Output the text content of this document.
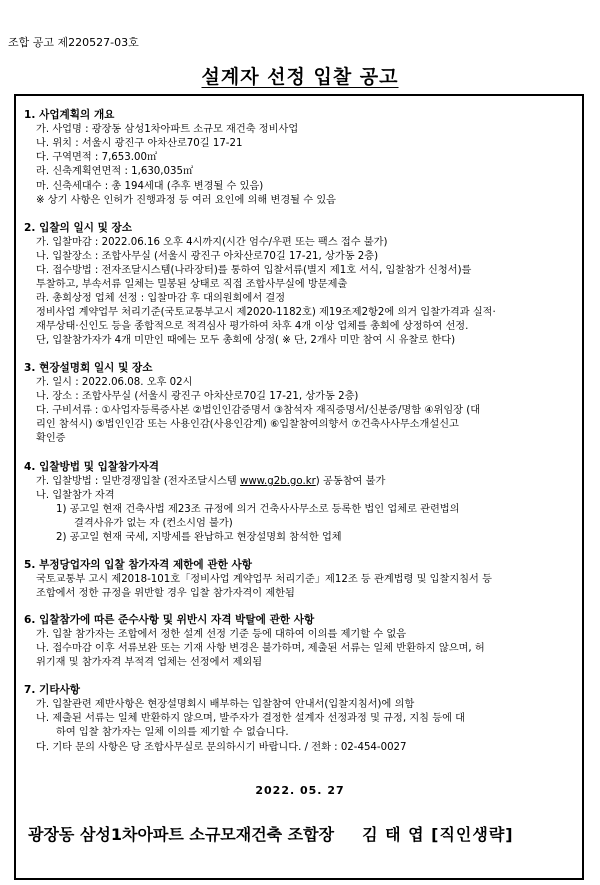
조합 공고 제220527-03호
설계자 선정 입찰 공고
1. 사업계획의 개요
가. 사업명 : 광장동 삼성1차아파트 소규모 재건축 정비사업
나. 위치 : 서울시 광진구 아차산로70길 17-21
다. 구역면적 : 7,653.00㎡
라. 신축계획연면적 : 1,630,035㎡
마. 신축세대수 : 총 194세대 (추후 변경될 수 있음)
※ 상기 사항은 인허가 진행과정 등 여러 요인에 의해 변경될 수 있음
2. 입찰의 일시 및 장소
가. 입찰마감 : 2022.06.16 오후 4시까지(시간 엄수/우편 또는 팩스 접수 불가)
나. 입찰장소 : 조합사무실 (서울시 광진구 아차산로70길 17-21, 상가동 2층)
다. 접수방법 : 전자조달시스템(나라장터)를 통하여 입찰서류(별지 제1호 서식, 입찰참가 신청서)를
투찰하고, 부속서류 일체는 밀봉된 상태로 직접 조합사무실에 방문제출
라. 총회상정 업체 선정 : 입찰마감 후 대의원회에서 결정
정비사업 계약업무 처리기준(국토교통부고시 제2020-1182호) 제19조제2항2에 의거 입찰가격과 실적·
재무상태·신인도 등을 종합적으로 적격심사 평가하여 차후 4개 이상 업체를 총회에 상정하여 선정.
단, 입찰참가자가 4개 미만인 때에는 모두 총회에 상정( ※ 단, 2개사 미만 참여 시 유찰로 한다)
3. 현장설명회 일시 및 장소
가. 일시 : 2022.06.08. 오후 02시
나. 장소 : 조합사무실 (서울시 광진구 아차산로70길 17-21, 상가동 2층)
다. 구비서류 : ①사업자등록증사본 ②법인인감증명서 ③참석자 재직증명서/신분증/명함 ④위임장 (대
리인 참석시) ⑤법인인감 또는 사용인감(사용인감계) ⑥입찰참여의향서 ⑦건축사사무소개설신고
확인증
4. 입찰방법 및 입찰참가자격
가. 입찰방법 : 일반경쟁입찰 (전자조달시스템 www.g2b.go.kr) 공동참여 불가
나. 입찰참가 자격
1) 공고일 현재 건축사법 제23조 규정에 의거 건축사사무소로 등록한 법인 업체로 관련법의
결격사유가 없는 자 (컨소시엄 불가)
2) 공고일 현재 국세, 지방세를 완납하고 현장설명회 참석한 업체
5. 부정당업자의 입찰 참가자격 제한에 관한 사항
국토교통부 고시 제2018-101호「정비사업 계약업무 처리기준」제12조 등 관계법령 및 입찰지침서 등
조합에서 정한 규정을 위반할 경우 입찰 참가자격이 제한됨
6. 입찰참가에 따른 준수사항 및 위반시 자격 박탈에 관한 사항
가. 입찰 참가자는 조합에서 정한 설계 선정 기준 등에 대하여 이의를 제기할 수 없음
나. 접수마감 이후 서류보완 또는 기재 사항 변경은 불가하며, 제출된 서류는 일체 반환하지 않으며, 허
위기재 및 참가자격 부적격 업체는 선정에서 제외됨
7. 기타사항
가. 입찰관련 제반사항은 현장설명회시 배부하는 입찰참여 안내서(입찰지침서)에 의함
나. 제출된 서류는 일체 반환하지 않으며, 발주자가 결정한 설계자 선정과정 및 규정, 지침 등에 대
하여 입찰 참가자는 일체 이의를 제기할 수 없습니다.
다. 기타 문의 사항은 당 조합사무실로 문의하시기 바랍니다. / 전화 : 02-454-0027
2022. 05. 27
광장동 삼성1차아파트 소규모재건축 조합장 김 태 엽 [직인생략]
